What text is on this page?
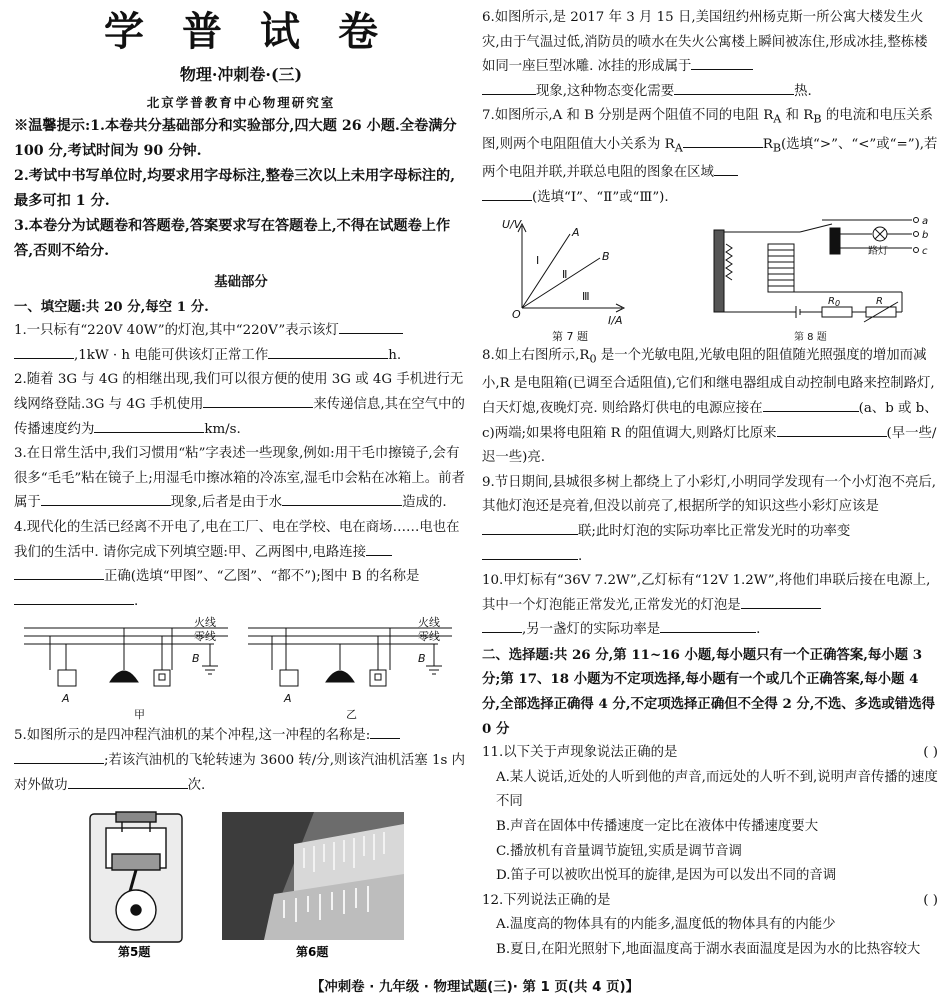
学普试卷
物理·冲刺卷·(三)
北京学普教育中心物理研究室

※温馨提示:1.本卷共分基础部分和实验部分,四大题 26 小题.全卷满分 100 分,考试时间为 90 分钟.

2.考试中书写单位时,均要求用字母标注,整卷三次以上未用字母标注的,最多可扣 1 分.

3.本卷分为试题卷和答题卷,答案要求写在答题卷上,不得在试题卷上作答,否则不给分.

基础部分

一、填空题:共 20 分,每空 1 分.

1.一只标有“220V 40W”的灯泡,其中“220V”表示该灯
,1kW · h 电能可供该灯正常工作	h.

2.随着 3G 与 4G 的相继出现,我们可以很方便的使用 3G 或 4G 手机进行无线网络登陆.3G 与 4G 手机使用	来传递信息,其在空气中的传播速度约为	km/s.

3.在日常生活中,我们习惯用“粘”字表述一些现象,例如:用干毛巾擦镜子,会有很多“毛毛”粘在镜子上;用湿毛巾擦冰箱的冷冻室,湿毛巾会粘在冰箱上。前者属于	现象,后者是由于水	造成的.

4.现代化的生活已经离不开电了,电在工厂、电在学校、电在商场……电也在我们的生活中. 请你完成下列填空题:甲、乙两图中,电路连接
正确(选填“甲图”、“乙图”、“都不”);图中 B 的名称是
.

火线
零线
火线
零线
B	B
A	A
甲	乙

5.如图所示的是四冲程汽油机的某个冲程,这一冲程的名称是:
;若该汽油机的飞轮转速为 3600 转/分,则该汽油机活塞 1s 内对外做功	次.

第5题	第6题

6.如图所示,是 2017 年 3 月 15 日,美国纽约州杨克斯一所公寓大楼发生火灾,由于气温过低,消防员的喷水在失火公寓楼上瞬间被冻住,形成冰挂,整栋楼如同一座巨型冰雕. 冰挂的形成属于
现象,这种物态变化需要	热.

7.如图所示,A 和 B 分别是两个阻值不同的电阻 $R_A$ 和 $R_B$ 的电流和电压关系图,则两个电阻阻值大小关系为 $R_A$	$R_B$(选填“>”、“<”或“=”),若两个电阻并联,并联总电阻的图象在区域
(选填“Ⅰ”、“Ⅱ”或“Ⅲ”).

U/V
I/A
O
A
B
Ⅰ
Ⅱ
Ⅲ
第 7 题
a
b
c
路灯
$R_0$	R
第 8 题

8.如上右图所示$,R_0$ 是一个光敏电阻,光敏电阻的阻值随光照强度的增加而减小,R 是电阻箱(已调至合适阻值),它们和继电器组成自动控制电路来控制路灯,白天灯熄,夜晚灯亮. 则给路灯供电的电源应接在	(a、b 或 b、c)两端;如果将电阻箱 R 的阻值调大,则路灯比原来	(早一些/迟一些)亮.

9.节日期间,县城很多树上都绕上了小彩灯,小明同学发现有一个小灯泡不亮后,其他灯泡还是亮着,但没以前亮了,根据所学的知识这些小彩灯应该是联;此时灯泡的实际功率比正常发光时的功率变.

10.甲灯标有“36V 7.2W”,乙灯标有“12V 1.2W”,将他们串联后接在电源上,其中一个灯泡能正常发光,正常发光的灯泡是
,另一盏灯的实际功率是	.

二、选择题:共 26 分,第 11~16 小题,每小题只有一个正确答案,每小题 3 分;第 17、18 小题为不定项选择,每小题有一个或几个正确答案,每小题 4 分,全部选择正确得 4 分,不定项选择正确但不全得 2 分,不选、多选或错选得 0 分

11.以下关于声现象说法正确的是	( )

A.某人说话,近处的人听到他的声音,而远处的人听不到,说明声音传播的速度不同

B.声音在固体中传播速度一定比在液体中传播速度要大

C.播放机有音量调节旋钮,实质是调节音调

D.笛子可以被吹出悦耳的旋律,是因为可以发出不同的音调

12.下列说法正确的是	( )

A.温度高的物体具有的内能多,温度低的物体具有的内能少

B.夏日,在阳光照射下,地面温度高于湖水表面温度是因为水的比热容较大

【冲刺卷 · 九年级 · 物理试题(三)· 第 1 页(共 4 页)】
